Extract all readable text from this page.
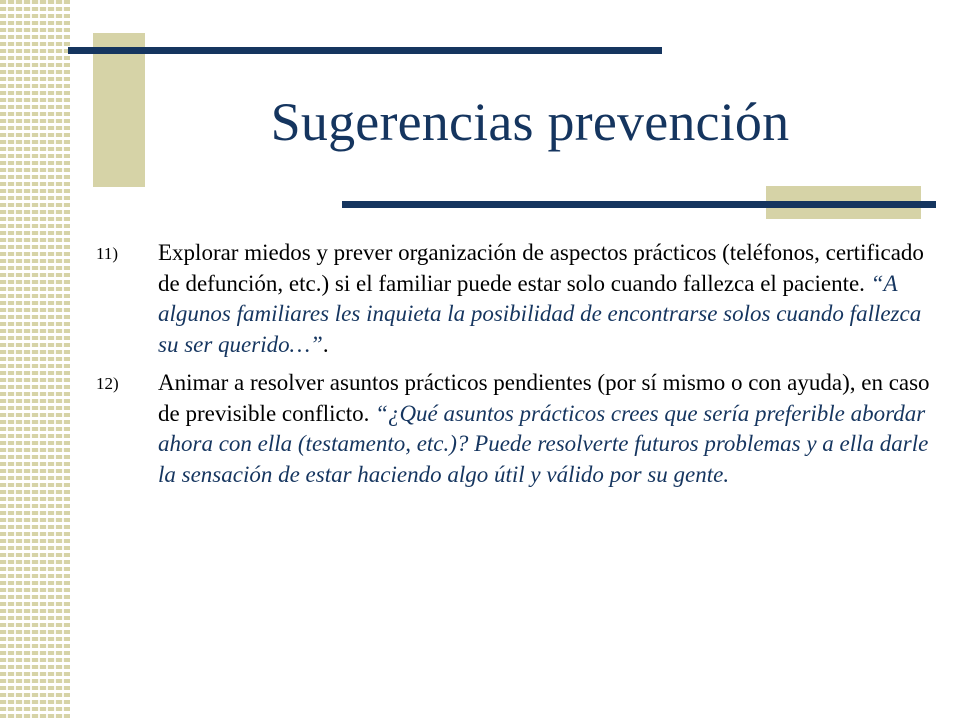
Sugerencias prevención
11)	Explorar miedos y prever organización de aspectos prácticos (teléfonos, certificado de defunción, etc.) si el familiar puede estar solo cuando fallezca el paciente. “A algunos familiares les inquieta la posibilidad de encontrarse solos cuando fallezca su ser querido…”.
12)	Animar a resolver asuntos prácticos pendientes (por sí mismo o con ayuda), en caso de previsible conflicto. “¿Qué asuntos prácticos crees que sería preferible abordar ahora con ella (testamento, etc.)? Puede resolverte futuros problemas y a ella darle la sensación de estar haciendo algo útil y válido por su gente.
